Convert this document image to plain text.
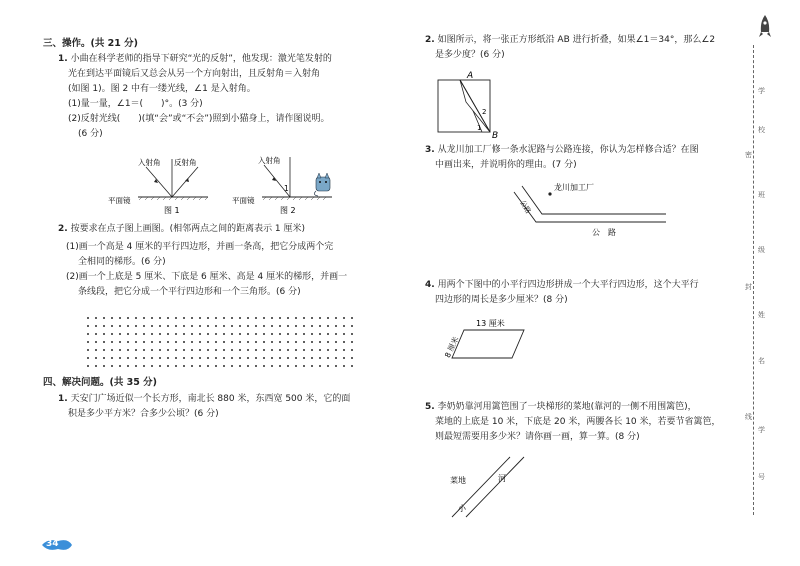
三、操作。(共 21 分)
1. 小曲在科学老师的指导下研究“光的反射”，他发现：激光笔发射的
光在到达平面镜后又总会从另一个方向射出，且反射角＝入射角
(如图 1)。图 2 中有一缕光线，∠1 是入射角。
(1)量一量，∠1＝(　　)°。(3 分)
(2)反射光线(　　)(填“会”或“不会”)照到小猫身上，请作图说明。
(6 分)
入射角 反射角
平面镜
图 1
1
入射角
平面镜
图 2
2. 按要求在点子图上画图。(相邻两点之间的距离表示 1 厘米)
(1)画一个高是 4 厘米的平行四边形，并画一条高，把它分成两个完
全相同的梯形。(6 分)
(2)画一个上底是 5 厘米、下底是 6 厘米、高是 4 厘米的梯形，并画一
条线段，把它分成一个平行四边形和一个三角形。(6 分)
四、解决问题。(共 35 分)
1. 天安门广场近似一个长方形，南北长 880 米，东西宽 500 米，它的面
积是多少平方米？合多少公顷？(6 分)
34
2. 如图所示，将一张正方形纸沿 AB 进行折叠，如果∠1＝34°，那么∠2
是多少度？(6 分)
A
B
2
1
3. 从龙川加工厂修一条水泥路与公路连接，你认为怎样修合适？在图
中画出来，并说明你的理由。(7 分)
龙川加工厂
公　路
公路
4. 用两个下图中的小平行四边形拼成一个大平行四边形，这个大平行
四边形的周长是多少厘米？(8 分)
13 厘米
8 厘米
5. 李奶奶靠河用篱笆围了一块梯形的菜地(靠河的一侧不用围篱笆)，
菜地的上底是 10 米，下底是 20 米，两腰各长 10 米，若要节省篱笆，
则最短需要用多少米？请你画一画，算一算。(8 分)
菜地	河
小
学
校
密
班
级
封
姓
名
线
学
号
